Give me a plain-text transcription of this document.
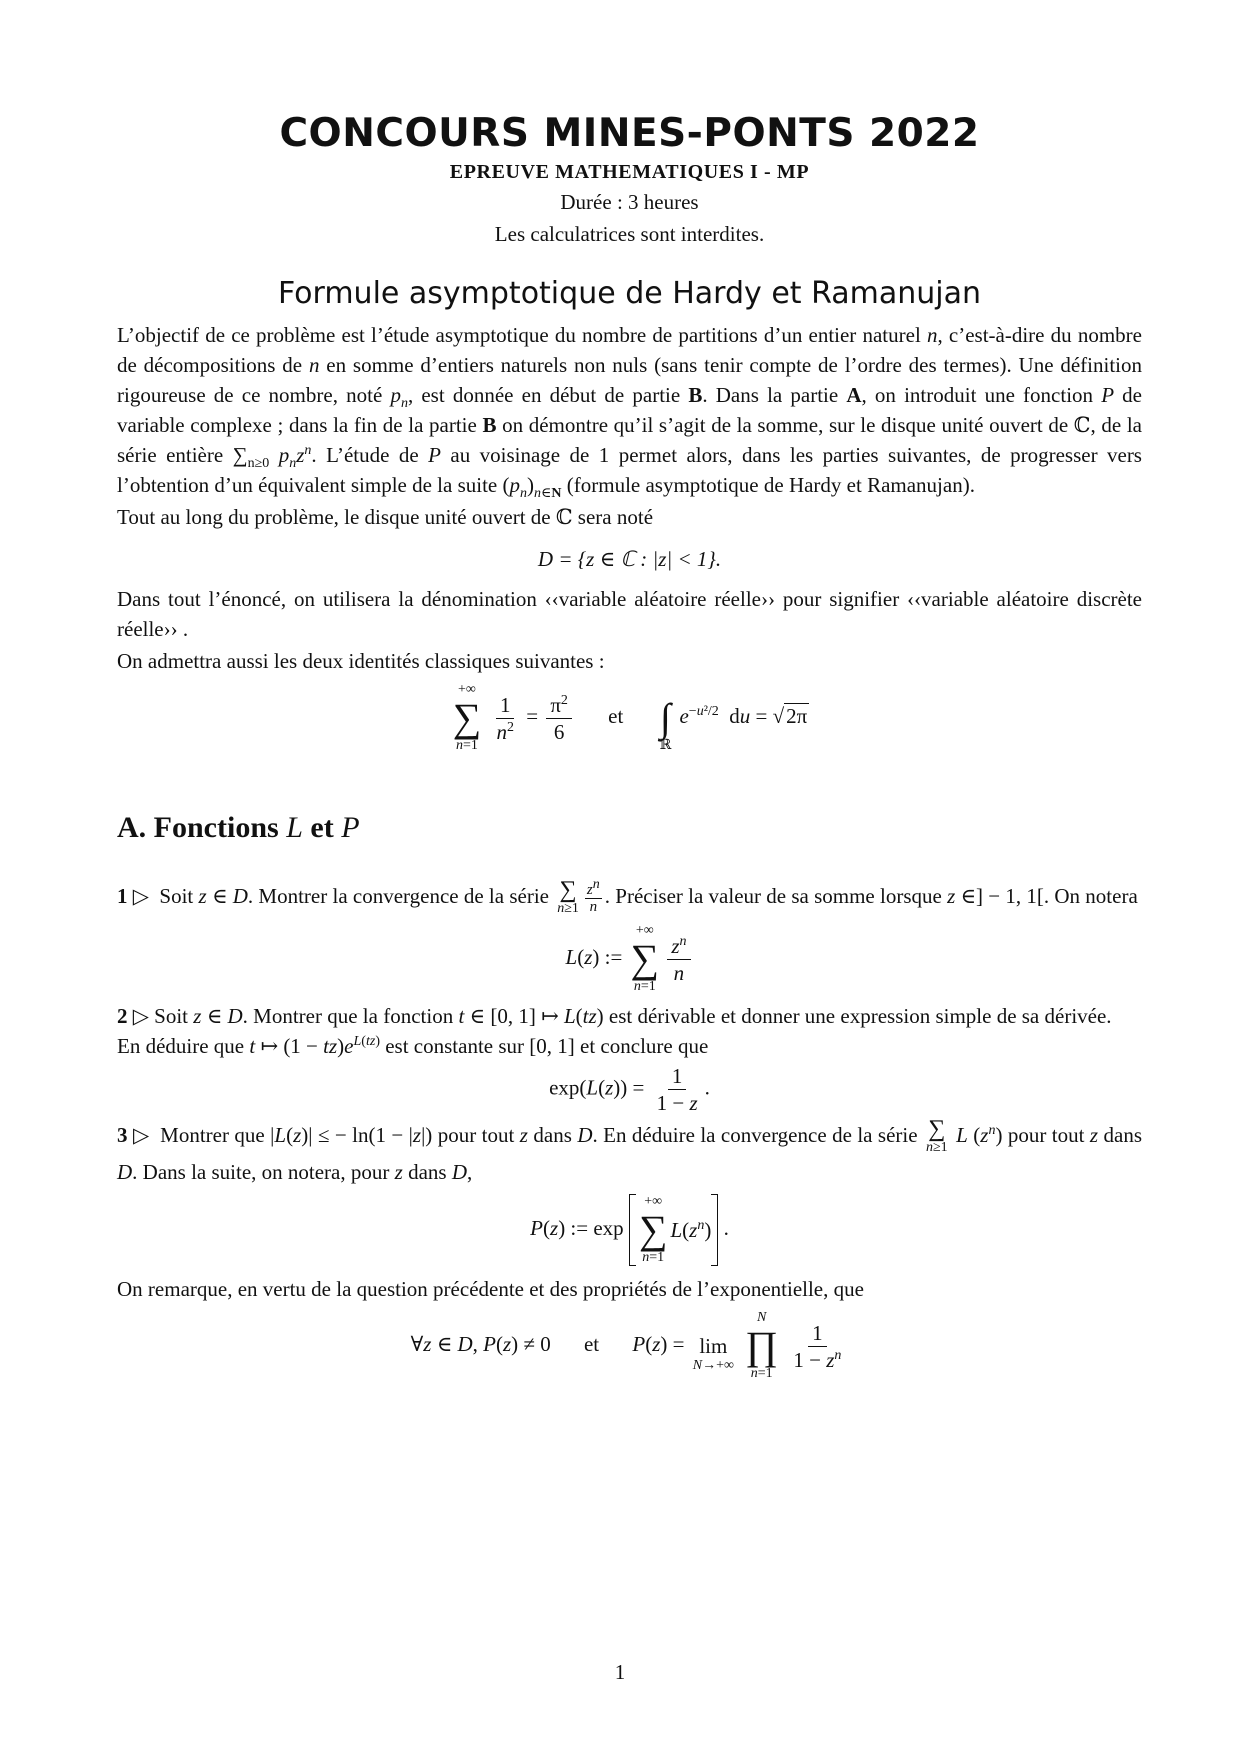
CONCOURS MINES-PONTS 2022
EPREUVE MATHEMATIQUES I - MP
Durée : 3 heures
Les calculatrices sont interdites.
Formule asymptotique de Hardy et Ramanujan

L’objectif de ce problème est l’étude asymptotique du nombre de partitions d’un entier naturel n, c’est-à-dire du nombre de décompositions de n en somme d’entiers naturels non nuls (sans tenir compte de l’ordre des termes). Une définition rigoureuse de ce nombre, noté $p_n$, est donnée en début de partie B. Dans la partie A, on introduit une fonction P de variable complexe ; dans la fin de la partie B on démontre qu’il s’agit de la somme, sur le disque unité ouvert de ℂ, de la série entière $\sum_{n\ge 0}$ $p_nz^n$. L’étude de P au voisinage de 1 permet alors, dans les parties suivantes, de progresser vers l’obtention d’un équivalent simple de la suite $(p_n)_{n\in N}$ (formule asymptotique de Hardy et Ramanujan).

Tout au long du problème, le disque unité ouvert de ℂ sera noté

D = {z ∈ ℂ : |z| < 1}.

Dans tout l’énoncé, on utilisera la dénomination ‹‹variable aléatoire réelle›› pour signifier ‹‹variable aléatoire discrète réelle›› .

On admettra aussi les deux identités classiques suivantes :

+∞
∑
n=1

$\frac{1}{n^2} = \frac{\pi^2}{6}$ et
∫
ℝ
$e^{-u^2/2}$  du = √2π
A. Fonctions L et P

1 ▷ Soit z ∈ D. Montrer la convergence de la série ∑
$n\ge 1 \frac{zn}{n}$ . Préciser la valeur de sa somme lorsque z ∈] − 1, 1[. On notera

L(z) :=
+∞
∑
n=1

$\frac{z^n}{n}$

2 ▷ Soit z ∈ D. Montrer que la fonction t ∈ [0, 1] ↦ L(tz) est dérivable et donner une expression simple de sa dérivée.

En déduire que t ↦ $(1 - tz)e^{L(tz)}$ est constante sur [0, 1] et conclure que

$\exp(L(z)) = \frac{1}{1 - z}$ .

3 ▷ Montrer que |L(z)| ≤ − ln(1 − |z|) pour tout z dans D. En déduire la convergence de la série ∑
n≥1
L $(z^n)$ pour tout z dans D. Dans la suite, on notera, pour z dans D,

P(z) := exp
+∞
∑
n=1
L ( $z^n$ ) .

On remarque, en vertu de la question précédente et des propriétés de l’exponentielle, que

∀z ∈ D, P(z) ≠ 0 et P(z) =
lim
N→+∞

N
∏
n=1

$\frac{1}{1 - z^n}$
1
